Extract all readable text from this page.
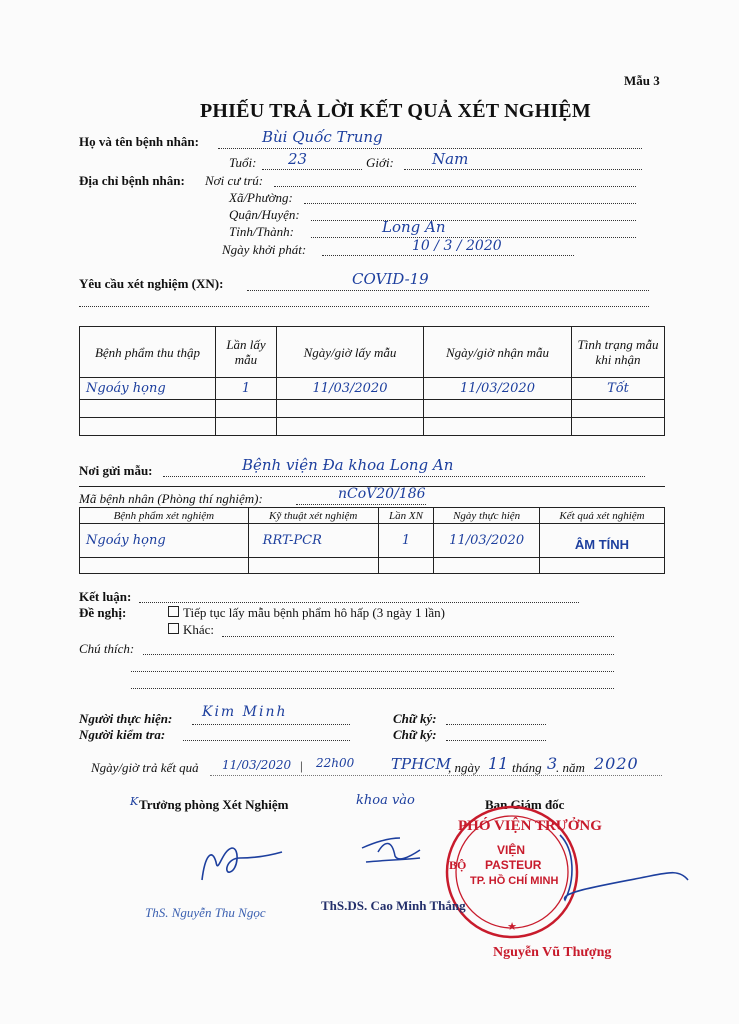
Mẫu 3
PHIẾU TRẢ LỜI KẾT QUẢ XÉT NGHIỆM
Họ và tên bệnh nhân:	Bùi Quốc Trung
Tuổi: 23	Giới:	Nam
Địa chỉ bệnh nhân: Nơi cư trú:
Xã/Phường:
Quận/Huyện:
Tỉnh/Thành:	Long An
Ngày khởi phát:	10 / 3 / 2020
Yêu cầu xét nghiệm (XN):	COVID-19
Bệnh phẩm thu thập	Lần lấy mẫu	Ngày/giờ lấy mẫu	Ngày/giờ nhận mẫu	Tình trạng mẫu khi nhận
Ngoáy họng	1	11/03/2020	11/03/2020	Tốt

Nơi gửi mẫu:	Bệnh viện Đa khoa Long An
Mã bệnh nhân (Phòng thí nghiệm):	nCoV20/186
Bệnh phẩm xét nghiệm	Kỹ thuật xét nghiệm	Lần XN	Ngày thực hiện	Kết quả xét nghiệm
Ngoáy họng	RRT-PCR	1	11/03/2020	ÂM TÍNH

Kết luận:
Đề nghị:	Tiếp tục lấy mẫu bệnh phẩm hô hấp (3 ngày 1 lần)
Khác:
Chú thích:
Người thực hiện: Kim Minh	Chữ ký:
Người kiểm tra:	Chữ ký:
Ngày/giờ trả kết quả 11/03/2020 | 22h00 TPHCM
, ngày 11 tháng 3
. năm 2020
K Trưởng phòng Xét Nghiệm	khoa vào	Ban Giám đốc
★
PHÓ VIỆN TRƯỞNG
BỘ
VIỆN
PASTEUR
TP. HỒ CHÍ MINH
ThS. Nguyễn Thu Ngọc	ThS.DS. Cao Minh Thắng
Nguyễn Vũ Thượng
